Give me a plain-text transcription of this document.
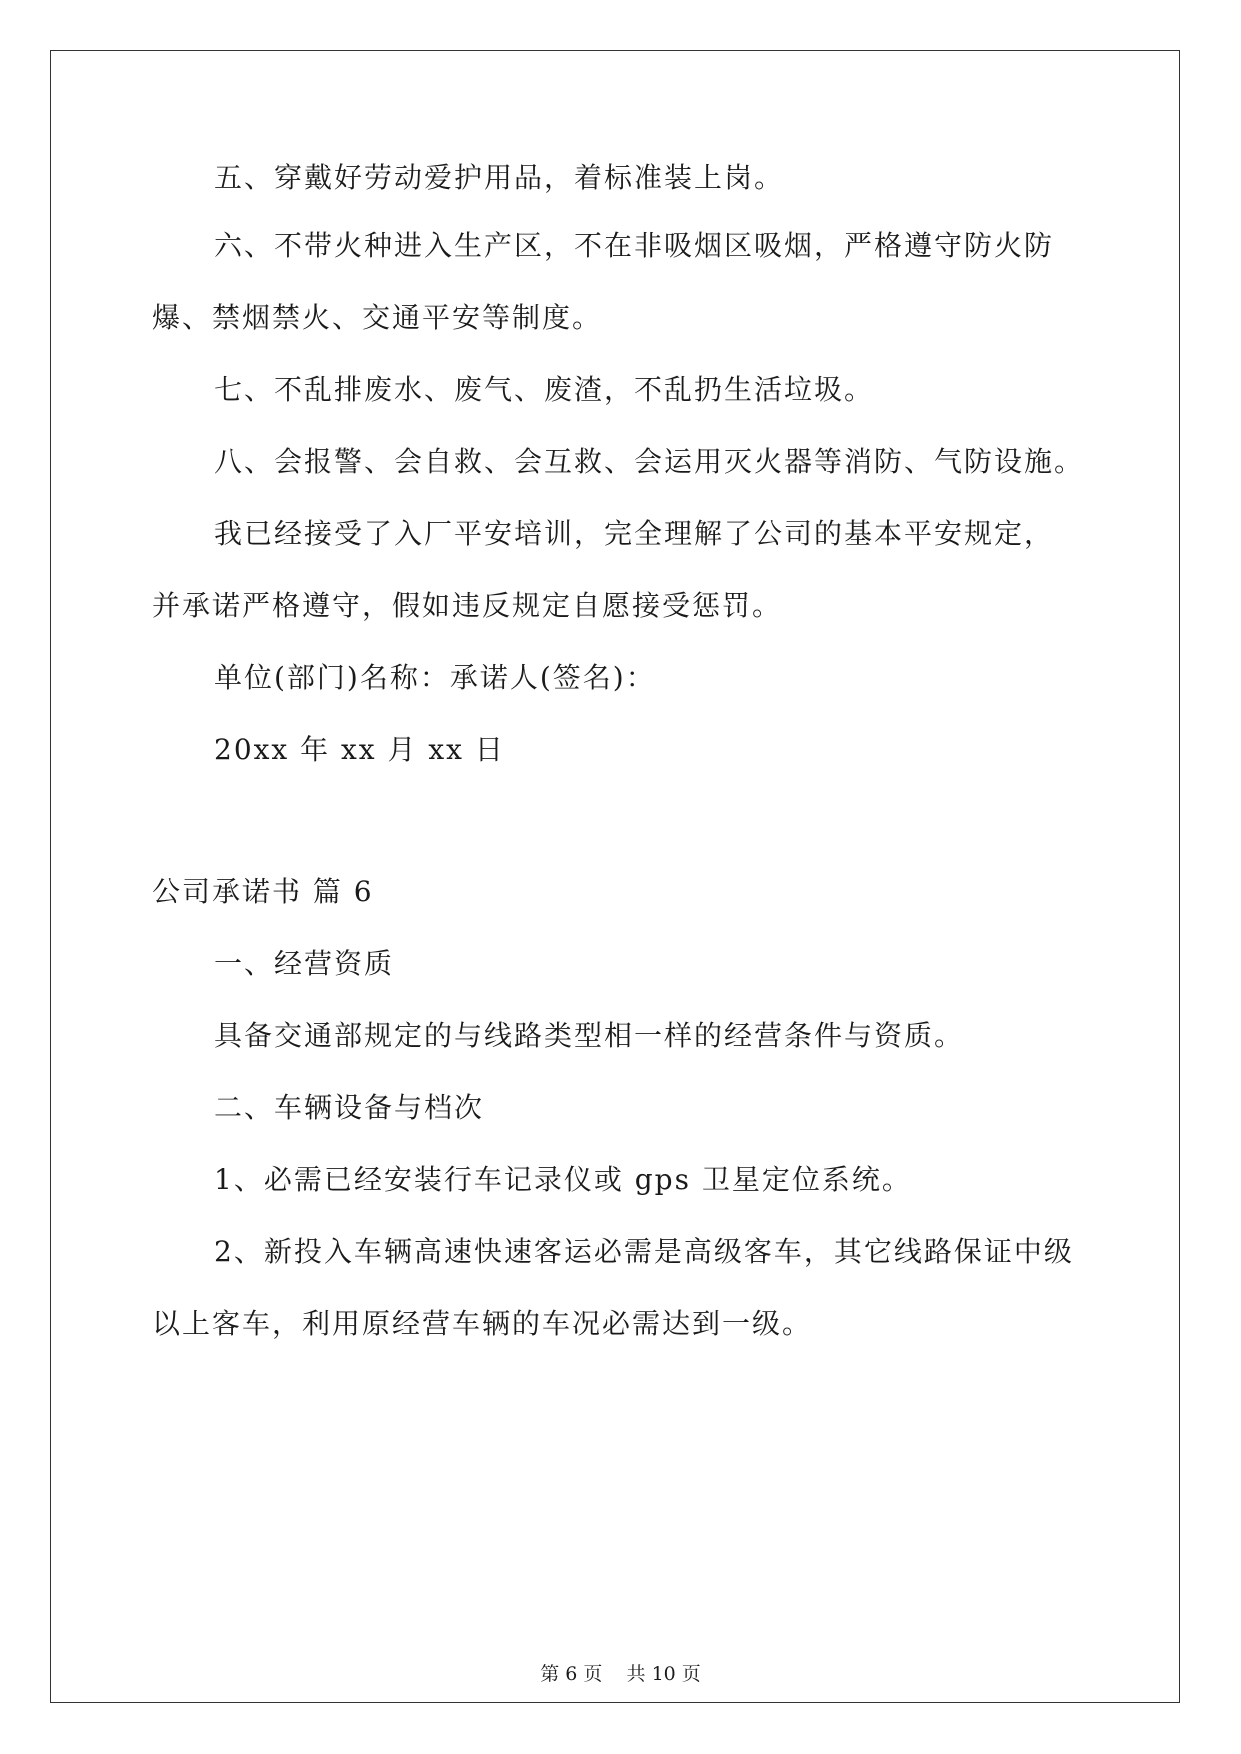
五、穿戴好劳动爱护用品，着标准装上岗。
六、不带火种进入生产区，不在非吸烟区吸烟，严格遵守防火防
爆、禁烟禁火、交通平安等制度。
七、不乱排废水、废气、废渣，不乱扔生活垃圾。
八、会报警、会自救、会互救、会运用灭火器等消防、气防设施。
我已经接受了入厂平安培训，完全理解了公司的基本平安规定，
并承诺严格遵守，假如违反规定自愿接受惩罚。
单位(部门)名称：承诺人(签名)：
20xx 年 xx 月 xx 日
公司承诺书 篇 6
一、经营资质
具备交通部规定的与线路类型相一样的经营条件与资质。
二、车辆设备与档次
1、必需已经安装行车记录仪或 gps 卫星定位系统。
2、新投入车辆高速快速客运必需是高级客车，其它线路保证中级
以上客车，利用原经营车辆的车况必需达到一级。
第 6 页    共 10 页
